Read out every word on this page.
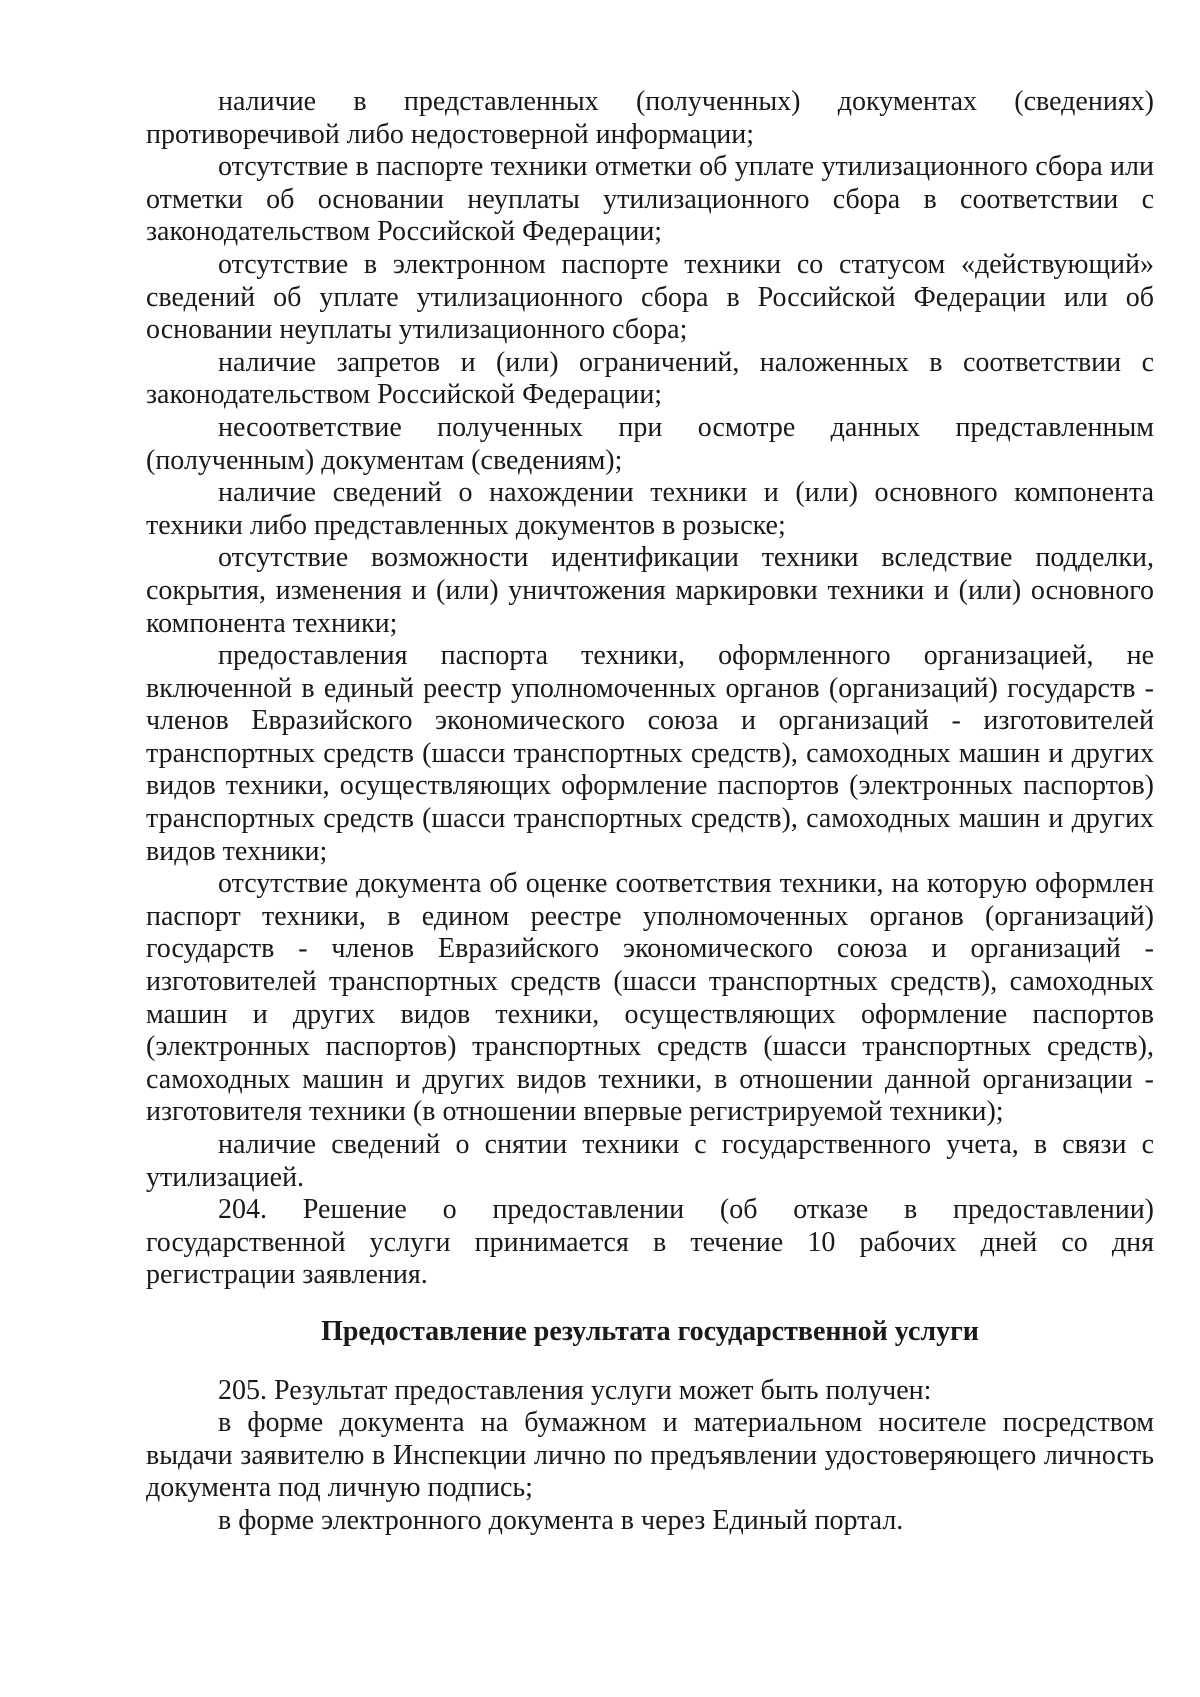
наличие в представленных (полученных) документах (сведениях) противоречивой либо недостоверной информации;

отсутствие в паспорте техники отметки об уплате утилизационного сбора или отметки об основании неуплаты утилизационного сбора в соответствии с законодательством Российской Федерации;

отсутствие в электронном паспорте техники со статусом «действующий» сведений об уплате утилизационного сбора в Российской Федерации или об основании неуплаты утилизационного сбора;

наличие запретов и (или) ограничений, наложенных в соответствии с законодательством Российской Федерации;

несоответствие полученных при осмотре данных представленным (полученным) документам (сведениям);

наличие сведений о нахождении техники и (или) основного компонента техники либо представленных документов в розыске;

отсутствие возможности идентификации техники вследствие подделки, сокрытия, изменения и (или) уничтожения маркировки техники и (или) основного компонента техники;

предоставления паспорта техники, оформленного организацией, не включенной в единый реестр уполномоченных органов (организаций) государств - членов Евразийского экономического союза и организаций - изготовителей транспортных средств (шасси транспортных средств), самоходных машин и других видов техники, осуществляющих оформление паспортов (электронных паспортов) транспортных средств (шасси транспортных средств), самоходных машин и других видов техники;

отсутствие документа об оценке соответствия техники, на которую оформлен паспорт техники, в едином реестре уполномоченных органов (организаций) государств - членов Евразийского экономического союза и организаций - изготовителей транспортных средств (шасси транспортных средств), самоходных машин и других видов техники, осуществляющих оформление паспортов (электронных паспортов) транспортных средств (шасси транспортных средств), самоходных машин и других видов техники, в отношении данной организации - изготовителя техники (в отношении впервые регистрируемой техники);

наличие сведений о снятии техники с государственного учета, в связи с утилизацией.

204. Решение о предоставлении (об отказе в предоставлении) государственной услуги принимается в течение 10 рабочих дней со дня регистрации заявления.

Предоставление результата государственной услуги

205. Результат предоставления услуги может быть получен:

в форме документа на бумажном и материальном носителе посредством выдачи заявителю в Инспекции лично по предъявлении удостоверяющего личность документа под личную подпись;

в форме электронного документа в через Единый портал.
